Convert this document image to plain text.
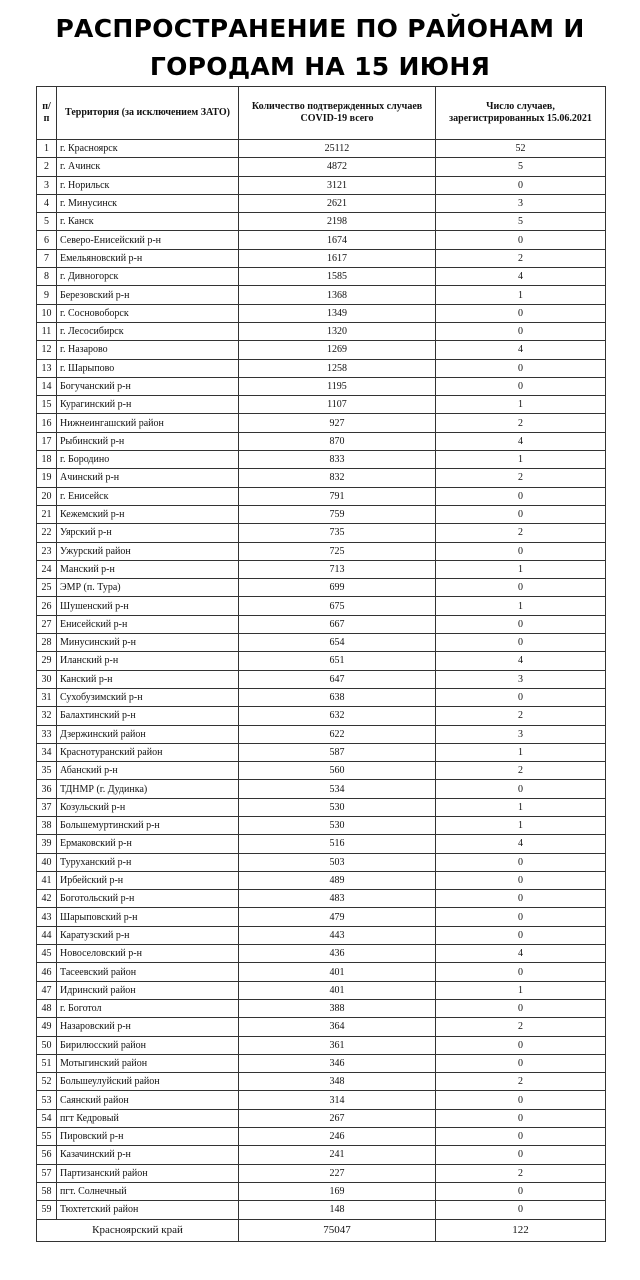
РАСПРОСТРАНЕНИЕ ПО РАЙОНАМ И
ГОРОДАМ НА 15 ИЮНЯ
п/п	Территория (за исключением ЗАТО)	Количество подтвержденных случаев COVID-19 всего	Число случаев, зарегистрированных 15.06.2021
1	г. Красноярск	25112	52
2	г. Ачинск	4872	5
3	г. Норильск	3121	0
4	г. Минусинск	2621	3
5	г. Канск	2198	5
6	Северо-Енисейский р-н	1674	0
7	Емельяновский р-н	1617	2
8	г. Дивногорск	1585	4
9	Березовский р-н	1368	1
10	г. Сосновоборск	1349	0
11	г. Лесосибирск	1320	0
12	г. Назарово	1269	4
13	г. Шарыпово	1258	0
14	Богучанский р-н	1195	0
15	Курагинский р-н	1107	1
16	Нижнеингашский район	927	2
17	Рыбинский р-н	870	4
18	г. Бородино	833	1
19	Ачинский р-н	832	2
20	г. Енисейск	791	0
21	Кежемский р-н	759	0
22	Уярский р-н	735	2
23	Ужурский район	725	0
24	Манский р-н	713	1
25	ЭМР (п. Тура)	699	0
26	Шушенский р-н	675	1
27	Енисейский р-н	667	0
28	Минусинский р-н	654	0
29	Иланский р-н	651	4
30	Канский р-н	647	3
31	Сухобузимский р-н	638	0
32	Балахтинский р-н	632	2
33	Дзержинский район	622	3
34	Краснотуранский район	587	1
35	Абанский р-н	560	2
36	ТДНМР (г. Дудинка)	534	0
37	Козульский р-н	530	1
38	Большемуртинский р-н	530	1
39	Ермаковский р-н	516	4
40	Туруханский р-н	503	0
41	Ирбейский р-н	489	0
42	Боготольский р-н	483	0
43	Шарыповский р-н	479	0
44	Каратузский р-н	443	0
45	Новоселовский р-н	436	4
46	Тасеевский район	401	0
47	Идринский район	401	1
48	г. Боготол	388	0
49	Назаровский р-н	364	2
50	Бирилюсский район	361	0
51	Мотыгинский район	346	0
52	Большеулуйский район	348	2
53	Саянский район	314	0
54	пгт Кедровый	267	0
55	Пировский р-н	246	0
56	Казачинский р-н	241	0
57	Партизанский район	227	2
58	пгт. Солнечный	169	0
59	Тюхтетский район	148	0
Красноярский край		75047	122
